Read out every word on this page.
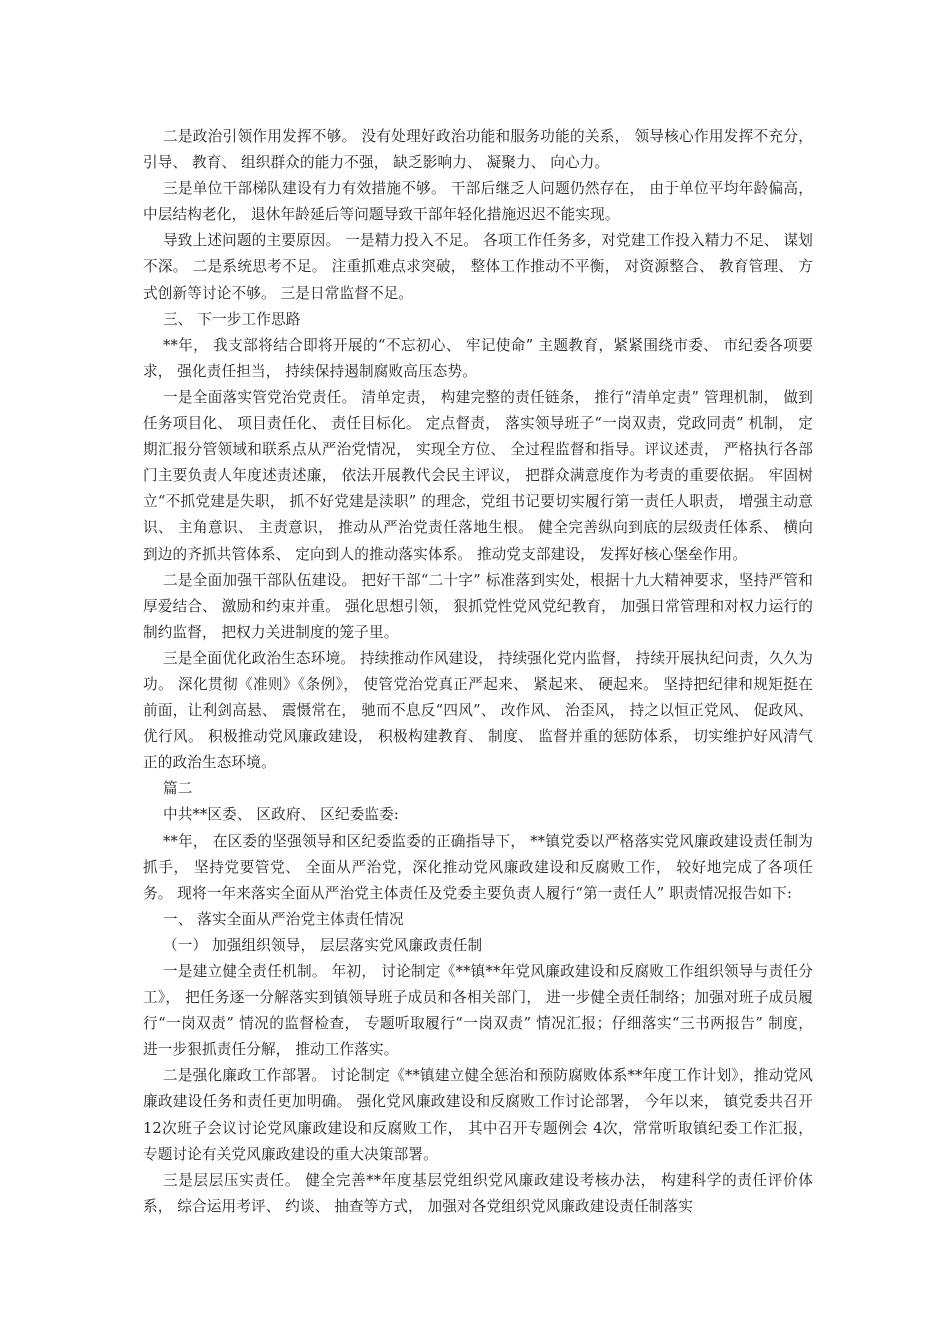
二是政治引领作用发挥不够。 没有处理好政治功能和服务功能的关系， 领导核心作用发挥不充分， 引导、 教育、 组织群众的能力不强， 缺乏影响力、 凝聚力、 向心力。

三是单位干部梯队建设有力有效措施不够。 干部后继乏人问题仍然存在， 由于单位平均年龄偏高， 中层结构老化， 退休年龄延后等问题导致干部年轻化措施迟迟不能实现。

导致上述问题的主要原因。 一是精力投入不足。 各项工作任务多，对党建工作投入精力不足、 谋划不深。 二是系统思考不足。 注重抓难点求突破， 整体工作推动不平衡， 对资源整合、 教育管理、 方式创新等讨论不够。 三是日常监督不足。

三、 下一步工作思路

**年， 我支部将结合即将开展的“不忘初心、 牢记使命” 主题教育，紧紧围绕市委、 市纪委各项要求， 强化责任担当， 持续保持遏制腐败高压态势。

一是全面落实管党治党责任。 清单定责， 构建完整的责任链条， 推行“清单定责” 管理机制， 做到任务项目化、 项目责任化、 责任目标化。 定点督责， 落实领导班子“一岗双责，党政同责” 机制， 定期汇报分管领域和联系点从严治党情况， 实现全方位、 全过程监督和指导。评议述责， 严格执行各部门主要负责人年度述责述廉， 依法开展教代会民主评议， 把群众满意度作为考责的重要依据。 牢固树立“不抓党建是失职， 抓不好党建是渎职” 的理念，党组书记要切实履行第一责任人职责， 增强主动意识、 主角意识、 主责意识， 推动从严治党责任落地生根。 健全完善纵向到底的层级责任体系、 横向到边的齐抓共管体系、 定向到人的推动落实体系。 推动党支部建设， 发挥好核心堡垒作用。

二是全面加强干部队伍建设。 把好干部“二十字” 标准落到实处，根据十九大精神要求，坚持严管和厚爱结合、 激励和约束并重。 强化思想引领， 狠抓党性党风党纪教育， 加强日常管理和对权力运行的制约监督， 把权力关进制度的笼子里。

三是全面优化政治生态环境。 持续推动作风建设， 持续强化党内监督， 持续开展执纪问责，久久为功。 深化贯彻《准则》《条例》， 使管党治党真正严起来、 紧起来、 硬起来。 坚持把纪律和规矩挺在前面，让利剑高悬、 震慑常在， 驰而不息反“四风”、 改作风、 治歪风， 持之以恒正党风、 促政风、 优行风。 积极推动党风廉政建设， 积极构建教育、 制度、 监督并重的惩防体系， 切实维护好风清气正的政治生态环境。

篇二

中共**区委、 区政府、 区纪委监委:

**年， 在区委的坚强领导和区纪委监委的正确指导下， **镇党委以严格落实党风廉政建设责任制为抓手， 坚持党要管党、 全面从严治党，深化推动党风廉政建设和反腐败工作， 较好地完成了各项任务。 现将一年来落实全面从严治党主体责任及党委主要负责人履行“第一责任人” 职责情况报告如下:

一、 落实全面从严治党主体责任情况

（一） 加强组织领导， 层层落实党风廉政责任制

一是建立健全责任机制。 年初， 讨论制定《**镇**年党风廉政建设和反腐败工作组织领导与责任分工》， 把任务逐一分解落实到镇领导班子成员和各相关部门， 进一步健全责任制络；加强对班子成员履行“一岗双责” 情况的监督检查， 专题听取履行“一岗双责” 情况汇报；仔细落实“三书两报告” 制度， 进一步狠抓责任分解， 推动工作落实。

二是强化廉政工作部署。 讨论制定《**镇建立健全惩治和预防腐败体系**年度工作计划》，推动党风廉政建设任务和责任更加明确。 强化党风廉政建设和反腐败工作讨论部署， 今年以来， 镇党委共召开 12次班子会议讨论党风廉政建设和反腐败工作， 其中召开专题例会 4次，常常听取镇纪委工作汇报， 专题讨论有关党风廉政建设的重大决策部署。

三是层层压实责任。 健全完善**年度基层党组织党风廉政建设考核办法， 构建科学的责任评价体系， 综合运用考评、 约谈、 抽查等方式， 加强对各党组织党风廉政建设责任制落实
